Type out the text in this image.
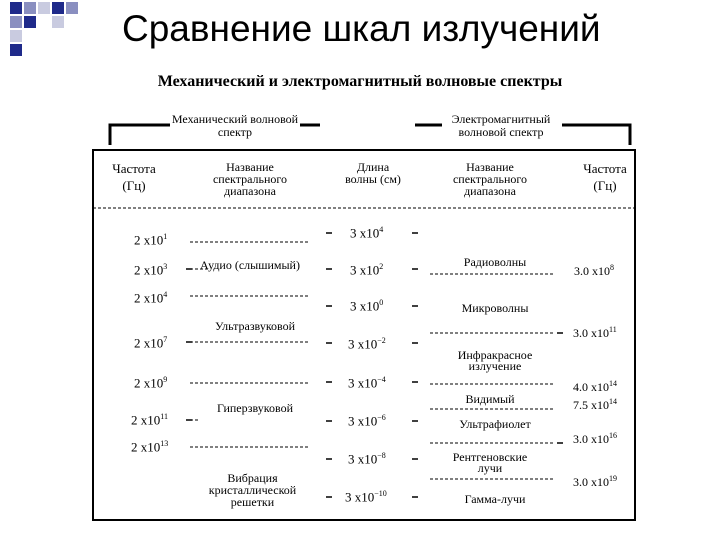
Сравнение шкал излучений
Механический и электромагнитный волновые спектры
Механический волновой спектр
Электромагнитный волновой спектр
Частота (Гц)
Название спектрального диапазона
Длина волны (см)
Название спектрального диапазона
Частота (Гц)
2 $x10^1$
2 $x10^3$
2 $x10^4$
2 $x10^7$
2 $x10^9$
2 $x10^{11}$
2 $x10^{13}$
Аудио (слышимый)
Ультразвуковой
Гиперзвуковой
Вибрация кристаллической решетки
3 $x10^4$
3 $x10^2$
3 $x10^0$
3 $x10^{-2}$
3 $x10^{-4}$
3 $x10^{-6}$
3 $x10^{-8}$
3 $x10^{-10}$
Радиоволны
Микроволны
Инфракрасное излучение
Видимый
Ультрафиолет
Рентгеновские лучи
Гамма-лучи
3.0 $x10^8$
3.0 $x10^{11}$
4.0 $x10^{14}$
7.5 $x10^{14}$
3.0 $x10^{16}$
3.0 $x10^{19}$
